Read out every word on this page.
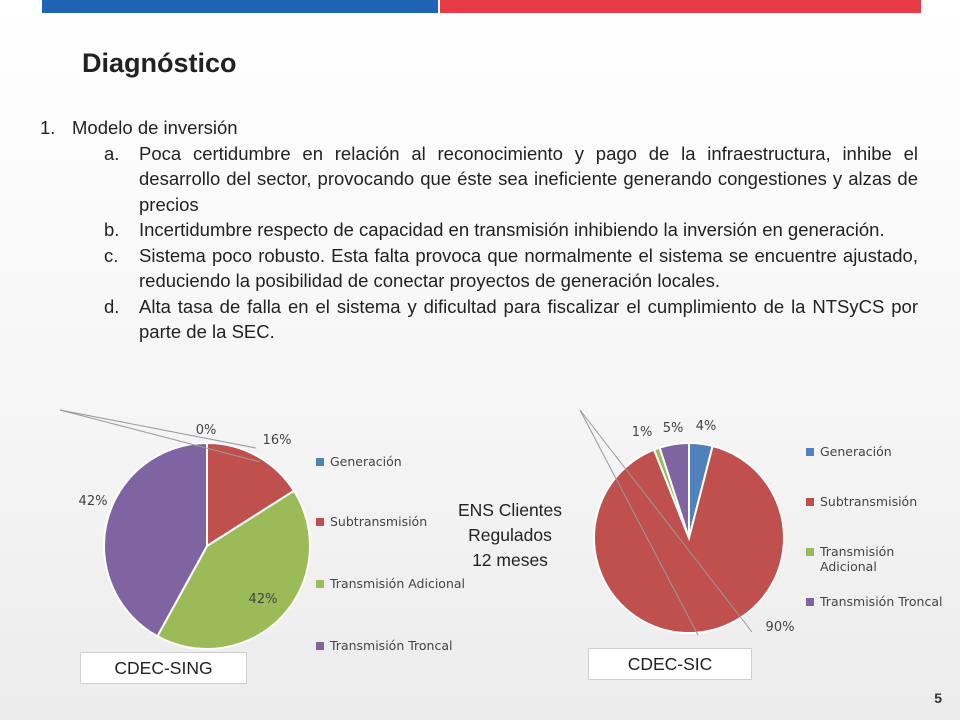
Diagnóstico
1. Modelo de inversión
a.	Poca certidumbre en relación al reconocimiento y pago de la infraestructura, inhibe el desarrollo del sector, provocando que éste sea ineficiente generando congestiones y alzas de precios
b.	Incertidumbre respecto de capacidad en transmisión inhibiendo la inversión en generación.
c.	Sistema poco robusto. Esta falta provoca que normalmente el sistema se encuentre ajustado, reduciendo la posibilidad de conectar proyectos de generación locales.
d.	Alta tasa de falla en el sistema y dificultad para fiscalizar el cumplimiento de la NTSyCS por parte de la SEC.
0%
16%
42%
42%
Generación
Subtransmisión
Transmisión Adicional
Transmisión Troncal
4%
90%
1% 5%
Generación
Subtransmisión
Transmisión Adicional
Transmisión Troncal
ENS Clientes
Regulados
12 meses
CDEC-SING	CDEC-SIC
5
